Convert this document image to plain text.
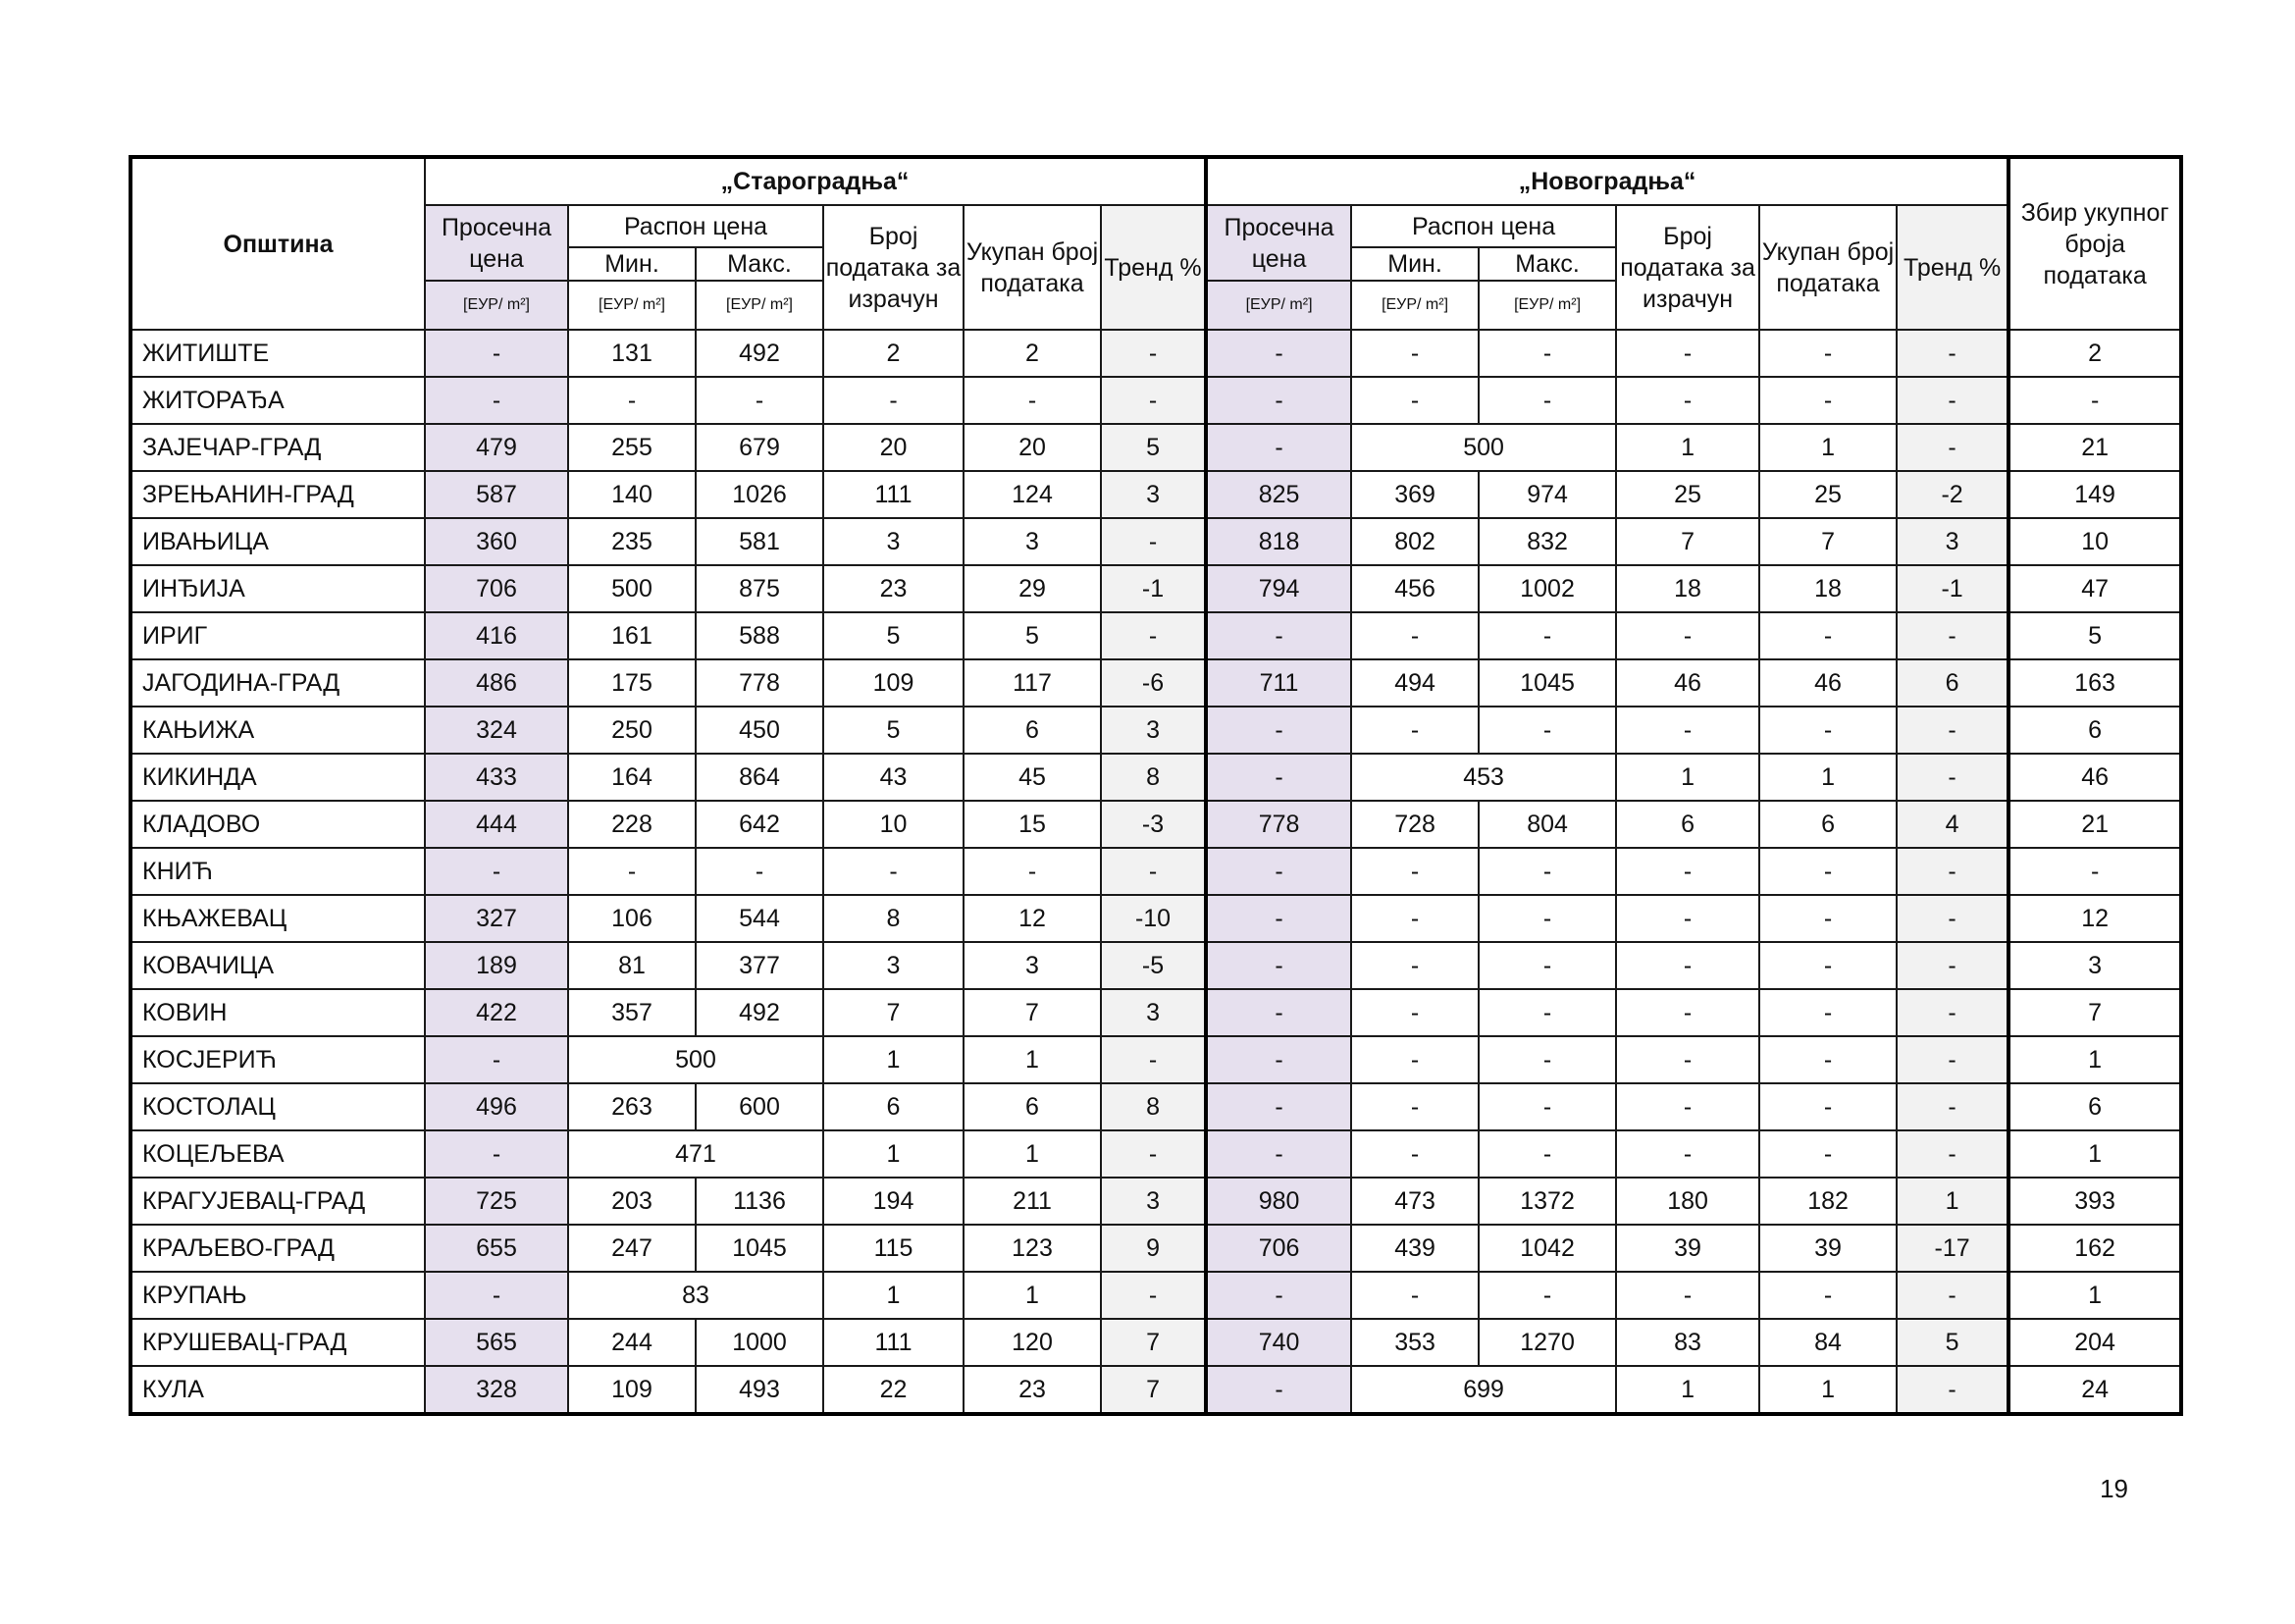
Општина	„Староградња“						„Новоградња“						Збир укупног броја података
	Просечна цена	Распон цена		Број података за израчун	Укупан број података	Тренд %	Просечна цена	Распон цена		Број података за израчун	Укупан број података	Тренд %	
		Мин.	Макс.					Мин.	Макс.				
	[ЕУР/ m²]	[ЕУР/ m²]	[ЕУР/ m²]				[ЕУР/ m²]	[ЕУР/ m²]	[ЕУР/ m²]				
ЖИТИШТЕ	-	131	492	2	2	-	-	-	-	-	-	-	2
ЖИТОРАЂА	-	-	-	-	-	-	-	-	-	-	-	-	-
ЗАЈЕЧАР-ГРАД	479	255	679	20	20	5	-	500		1	1	-	21
ЗРЕЊАНИН-ГРАД	587	140	1026	111	124	3	825	369	974	25	25	-2	149
ИВАЊИЦА	360	235	581	3	3	-	818	802	832	7	7	3	10
ИНЂИЈА	706	500	875	23	29	-1	794	456	1002	18	18	-1	47
ИРИГ	416	161	588	5	5	-	-	-	-	-	-	-	5
ЈАГОДИНА-ГРАД	486	175	778	109	117	-6	711	494	1045	46	46	6	163
КАЊИЖА	324	250	450	5	6	3	-	-	-	-	-	-	6
КИКИНДА	433	164	864	43	45	8	-	453		1	1	-	46
КЛАДОВО	444	228	642	10	15	-3	778	728	804	6	6	4	21
КНИЋ	-	-	-	-	-	-	-	-	-	-	-	-	-
КЊАЖЕВАЦ	327	106	544	8	12	-10	-	-	-	-	-	-	12
КОВАЧИЦА	189	81	377	3	3	-5	-	-	-	-	-	-	3
КОВИН	422	357	492	7	7	3	-	-	-	-	-	-	7
КОСЈЕРИЋ	-	500		1	1	-	-	-	-	-	-	-	1
КОСТОЛАЦ	496	263	600	6	6	8	-	-	-	-	-	-	6
КОЦЕЉЕВА	-	471		1	1	-	-	-	-	-	-	-	1
КРАГУЈЕВАЦ-ГРАД	725	203	1136	194	211	3	980	473	1372	180	182	1	393
КРАЉЕВО-ГРАД	655	247	1045	115	123	9	706	439	1042	39	39	-17	162
КРУПАЊ	-	83		1	1	-	-	-	-	-	-	-	1
КРУШЕВАЦ-ГРАД	565	244	1000	111	120	7	740	353	1270	83	84	5	204
КУЛА	328	109	493	22	23	7	-	699		1	1	-	24
19
